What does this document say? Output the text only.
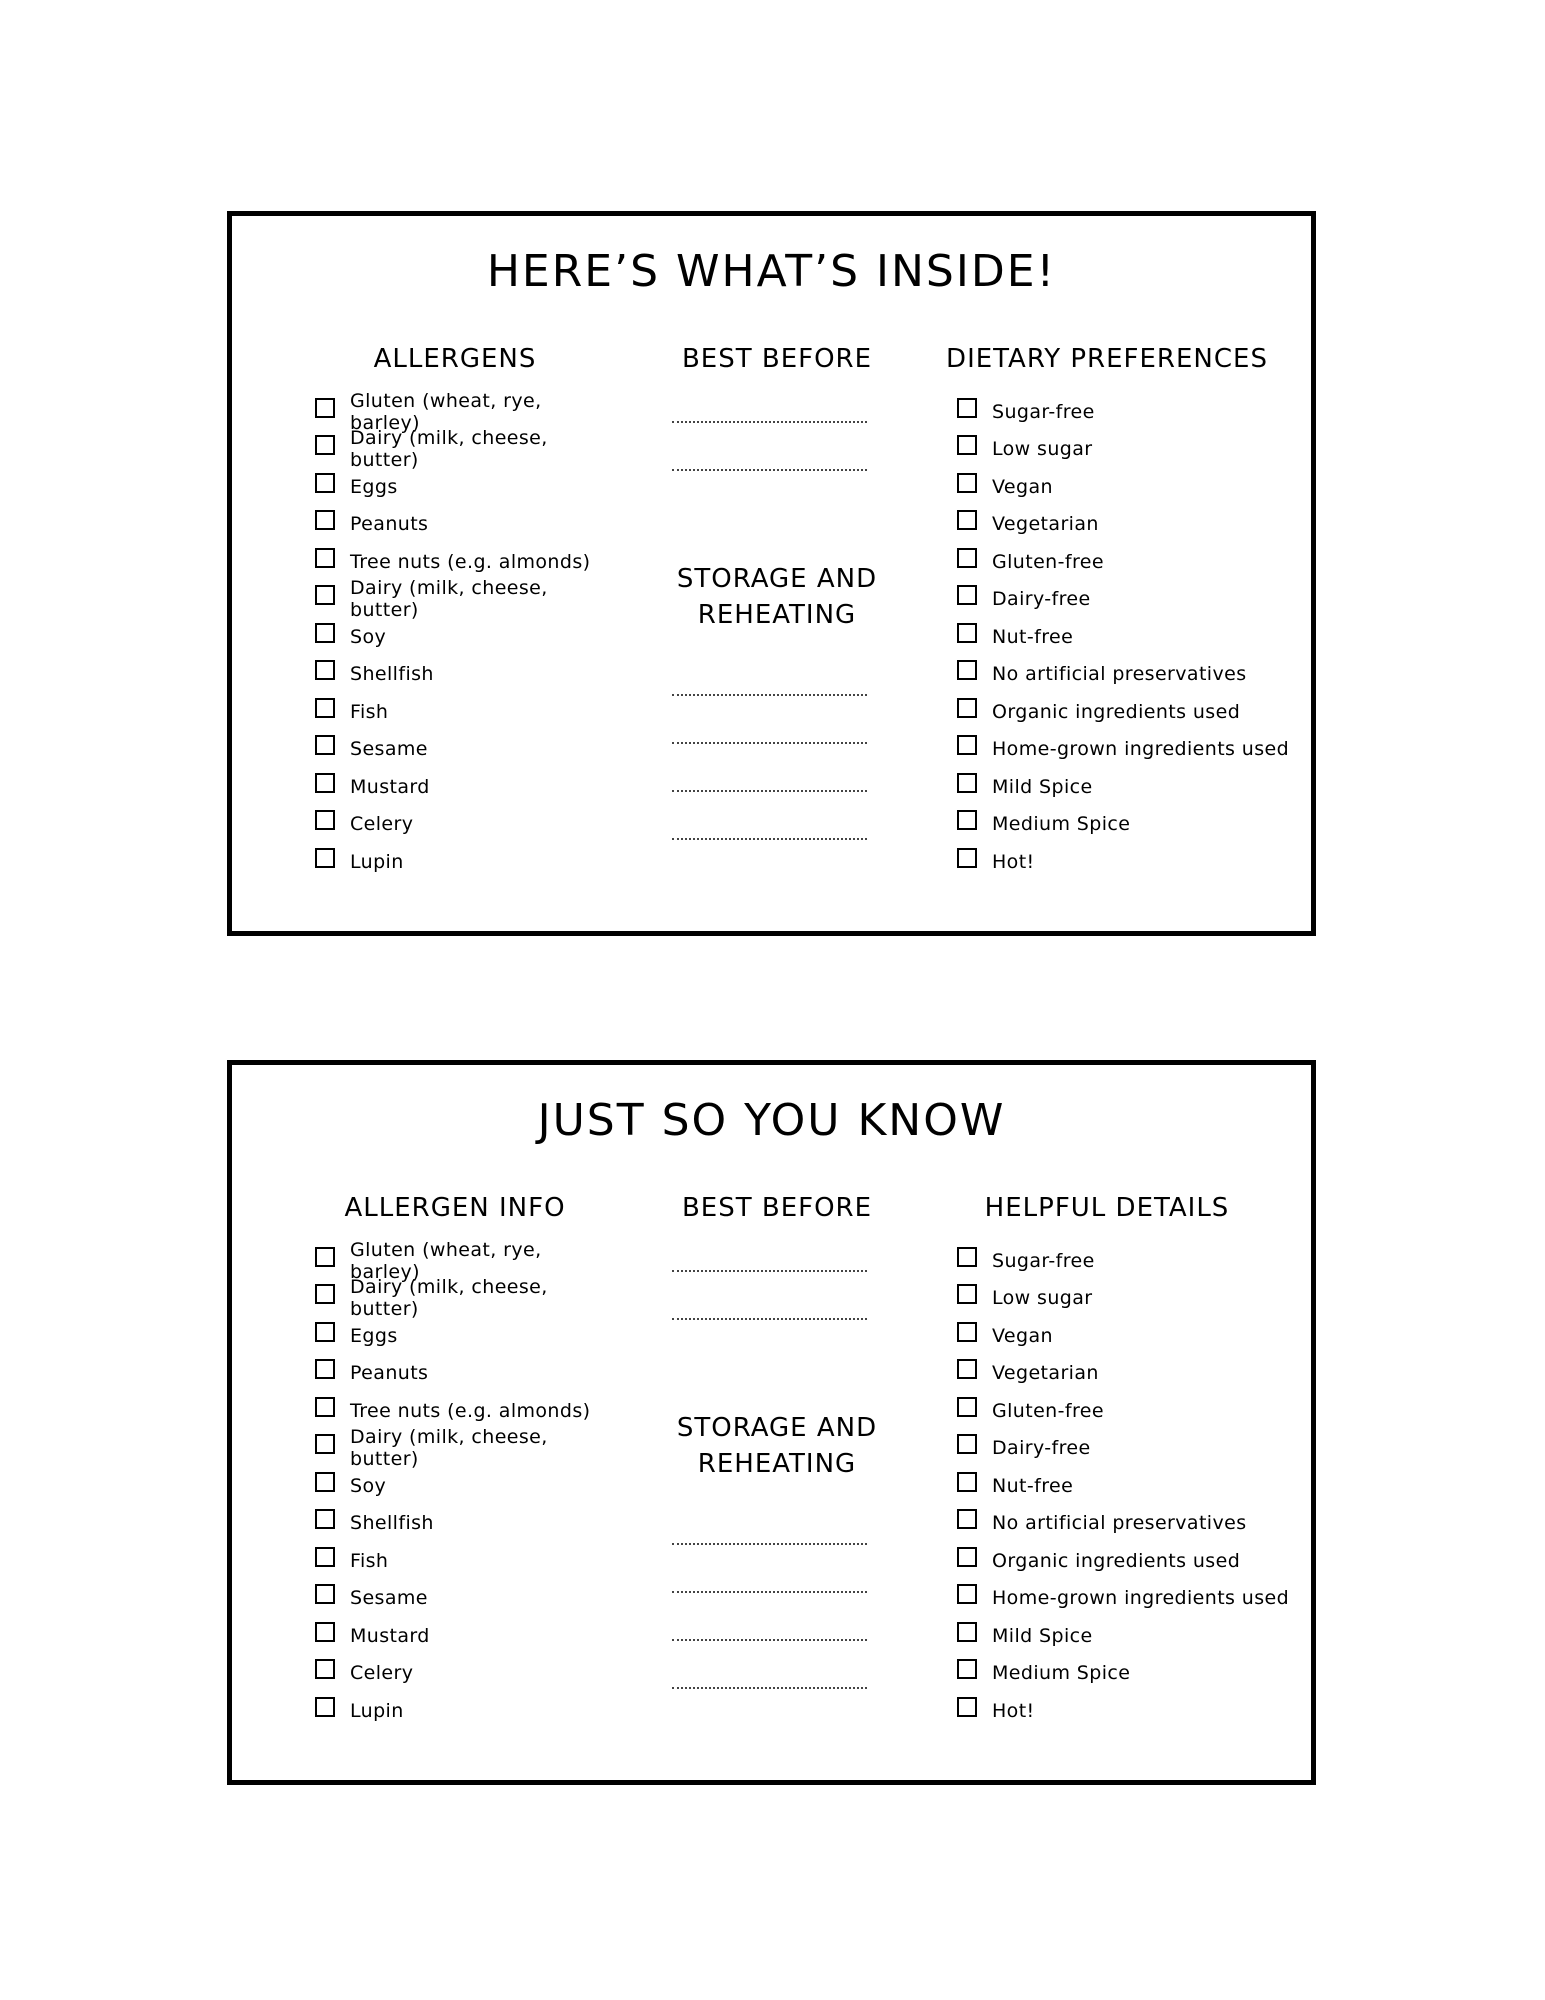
HERE’S WHAT’S INSIDE!
ALLERGENS	BEST BEFORE	DIETARY PREFERENCES
Gluten (wheat, rye, barley)
Dairy (milk, cheese, butter)
Eggs
Peanuts
Tree nuts (e.g. almonds)
Dairy (milk, cheese, butter)
Soy
Shellfish
Fish
Sesame
Mustard
Celery
Lupin
Sugar-free
Low sugar
Vegan
Vegetarian
Gluten-free
Dairy-free
Nut-free
No artificial preservatives
Organic ingredients used
Home-grown ingredients used
Mild Spice
Medium Spice
Hot!
STORAGE AND
REHEATING
JUST SO YOU KNOW
ALLERGEN INFO	BEST BEFORE	HELPFUL DETAILS
Gluten (wheat, rye, barley)
Dairy (milk, cheese, butter)
Eggs
Peanuts
Tree nuts (e.g. almonds)
Dairy (milk, cheese, butter)
Soy
Shellfish
Fish
Sesame
Mustard
Celery
Lupin
Sugar-free
Low sugar
Vegan
Vegetarian
Gluten-free
Dairy-free
Nut-free
No artificial preservatives
Organic ingredients used
Home-grown ingredients used
Mild Spice
Medium Spice
Hot!
STORAGE AND
REHEATING
